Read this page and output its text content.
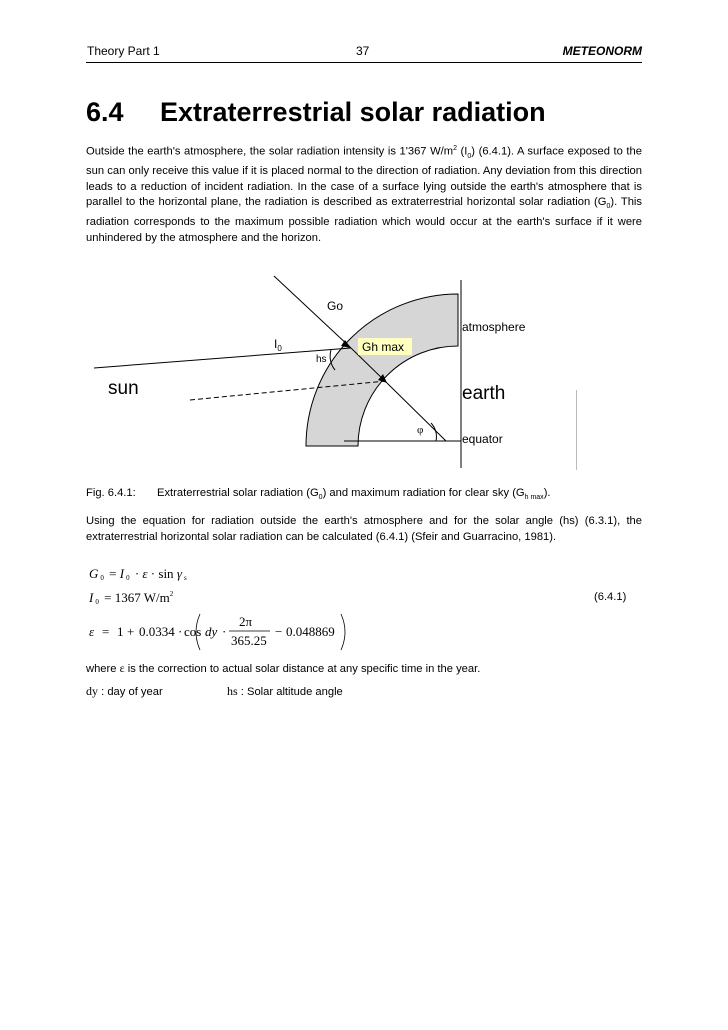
Theory Part 1	37	METEONORM
6.4 Extraterrestrial solar radiation
Outside the earth's atmosphere, the solar radiation intensity is 1'367 $W/m^2$ $(I_0)$ (6.4.1). A surface exposed to the sun can only receive this value if it is placed normal to the direction of radiation. Any deviation from this direction leads to a reduction of incident radiation. In the case of a surface lying outside the earth's atmosphere that is parallel to the horizontal plane, the radiation is described as extraterrestrial horizontal solar radiation $(G_0)$. This radiation corresponds to the maximum possible radiation which would occur at the earth's surface if it were unhindered by the atmosphere and the horizon.
Go
atmosphere
$I_0$
hs
Gh max
sun	earth
φ
equator
Fig. 6.4.1: Extraterrestrial solar radiation $(G_0)$ and maximum radiation for clear sky $(G_{h max})$.
Using the equation for radiation outside the earth's atmosphere and for the solar angle (hs) (6.3.1), the extraterrestrial horizontal solar radiation can be calculated (6.4.1) (Sfeir and Guarracino, 1981).
G $_0$ = I $_0$ · ε · sin γ $_s$
I $_0$ = 1367 $W/m^2$
ε = 1 + 0.0334 · cos dy ·
2π
365.25
− 0.048869
(6.4.1)
where ε is the correction to actual solar distance at any specific time in the year.
dy : day of year	hs : Solar altitude angle
